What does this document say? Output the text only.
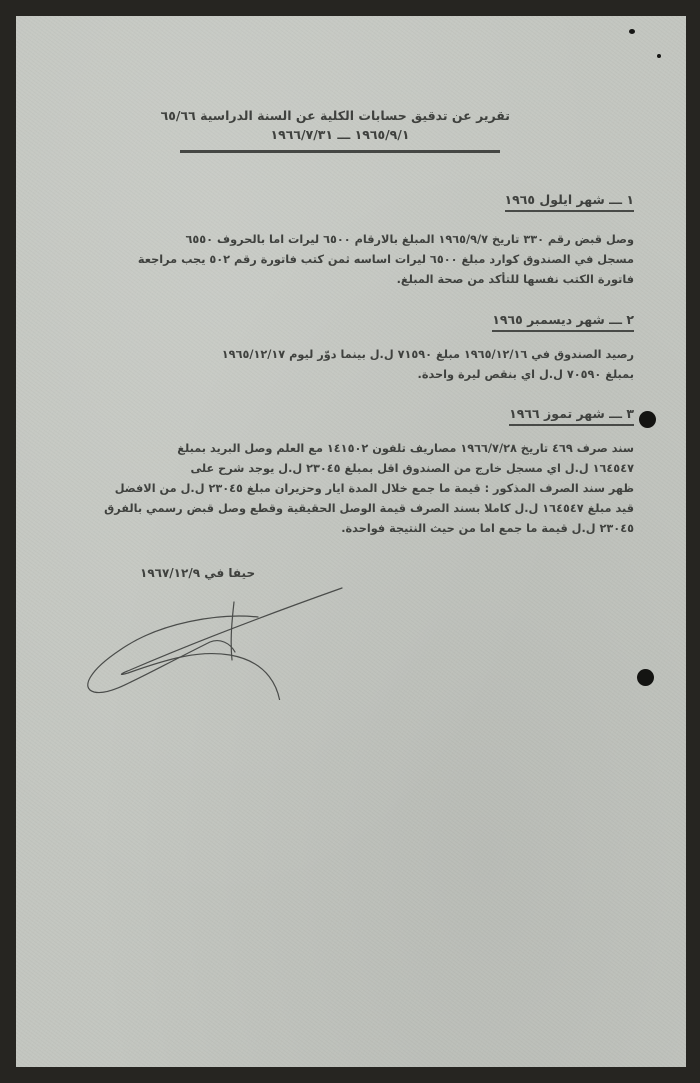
تقرير عن تدقيق حسابات الكلية عن السنة الدراسية ٦٥/٦٦
١٩٦٥/٩/١ ـــ ١٩٦٦/٧/٣١
١ ـــ شهر ايلول ١٩٦٥
وصل قبض رقم ٣٣٠ تاريخ ١٩٦٥/٩/٧ المبلغ بالارقام ٦٥٠٠ ليرات اما بالحروف ٦٥٥٠
مسجل في الصندوق كوارد مبلغ ٦٥٠٠ ليرات اساسه ثمن كتب فاتورة رقم ٥٠٢ يجب مراجعة
فاتورة الكتب نفسها للتأكد من صحة المبلغ.
٢ ـــ شهر ديسمبر ١٩٦٥
رصيد الصندوق في ١٩٦٥/١٢/١٦ مبلغ ٧١٥٩٠ ل.ل بينما دوّر ليوم ١٩٦٥/١٢/١٧
بمبلغ ٧٠٥٩٠ ل.ل اي بنقص ليرة واحدة.
٣ ـــ شهر تموز ١٩٦٦
سند صرف ٤٦٩ تاريخ ١٩٦٦/٧/٢٨ مصاريف تلفون ١٤١٥٠٢ مع العلم وصل البريد بمبلغ
١٦٤٥٤٧ ل.ل اي مسجل خارج من الصندوق اقل بمبلغ ٢٣٠٤٥ ل.ل يوجد شرح على
ظهر سند الصرف المذكور : قيمة ما جمع خلال المدة ايار وحزيران مبلغ ٢٣٠٤٥ ل.ل من الافضل
قيد مبلغ ١٦٤٥٤٧ ل.ل كاملا بسند الصرف قيمة الوصل الحقيقية وقطع وصل قبض رسمي بالفرق
٢٣٠٤٥ ل.ل قيمة ما جمع اما من حيث النتيجة فواحدة.
حيفا في ١٩٦٧/١٢/٩
